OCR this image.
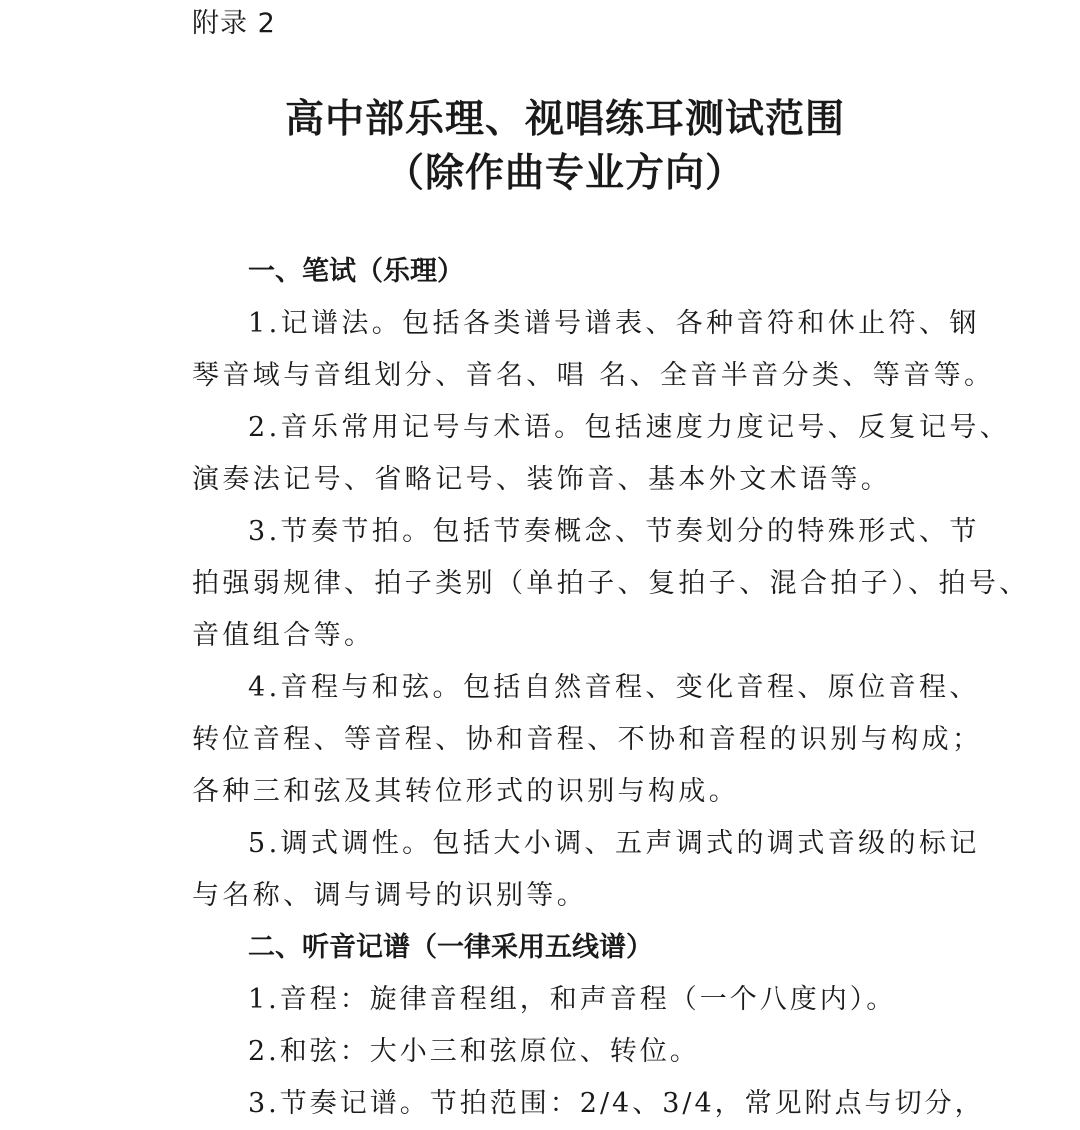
附录 2
高中部乐理、视唱练耳测试范围
（除作曲专业方向）
一、笔试（乐理）
1.记谱法。包括各类谱号谱表、各种音符和休止符、钢
琴音域与音组划分、音名、唱 名、全音半音分类、等音等。
2.音乐常用记号与术语。包括速度力度记号、反复记号、
演奏法记号、省略记号、装饰音、基本外文术语等。
3.节奏节拍。包括节奏概念、节奏划分的特殊形式、节
拍强弱规律、拍子类别（单拍子、复拍子、混合拍子）、拍号、
音值组合等。
4.音程与和弦。包括自然音程、变化音程、原位音程、
转位音程、等音程、协和音程、不协和音程的识别与构成；
各种三和弦及其转位形式的识别与构成。
5.调式调性。包括大小调、五声调式的调式音级的标记
与名称、调与调号的识别等。
二、听音记谱（一律采用五线谱）
1.音程：旋律音程组，和声音程（一个八度内）。
2.和弦：大小三和弦原位、转位。
3.节奏记谱。节拍范围：2/4、3/4，常见附点与切分，
